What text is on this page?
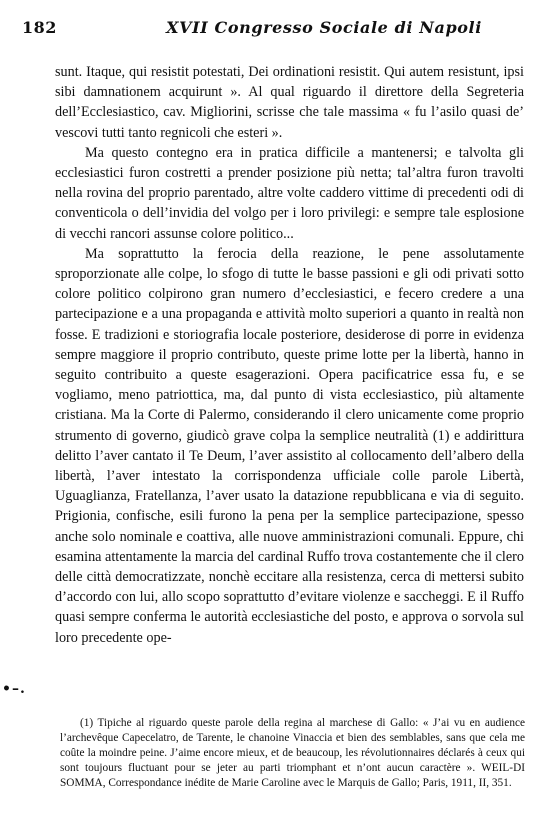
182	XVII Congresso Sociale di Napoli

sunt. Itaque, qui resistit potestati, Dei ordinationi resistit. Qui autem resistunt, ipsi sibi damnationem acquirunt ». Al qual riguardo il direttore della Segreteria dell’Ecclesiastico, cav. Migliorini, scrisse che tale massima « fu l’asilo quasi de’ vescovi tutti tanto regnicoli che esteri ».

Ma questo contegno era in pratica difficile a mantenersi; e talvolta gli ecclesiastici furon costretti a prender posizione più netta; tal’altra furon travolti nella rovina del proprio parentado, altre volte caddero vittime di precedenti odi di conventicola o dell’invidia del volgo per i loro privilegi: e sempre tale esplosione di vecchi rancori assunse colore politico...

Ma soprattutto la ferocia della reazione, le pene assolutamente sproporzionate alle colpe, lo sfogo di tutte le basse passioni e gli odi privati sotto colore politico colpirono gran numero d’ecclesiastici, e fecero credere a una partecipazione e a una propaganda e attività molto superiori a quanto in realtà non fosse. E tradizioni e storiografia locale posteriore, desiderose di porre in evidenza sempre maggiore il proprio contributo, queste prime lotte per la libertà, hanno in seguito contribuito a queste esagerazioni. Opera pacificatrice essa fu, e se vogliamo, meno patriottica, ma, dal punto di vista ecclesiastico, più altamente cristiana. Ma la Corte di Palermo, considerando il clero unicamente come proprio strumento di governo, giudicò grave colpa la semplice neutralità (1) e addirittura delitto l’aver cantato il Te Deum, l’aver assistito al collocamento dell’albero della libertà, l’aver intestato la corrispondenza ufficiale colle parole Libertà, Uguaglianza, Fratellanza, l’aver usato la datazione repubblicana e via di seguito. Prigionia, confische, esili furono la pena per la semplice partecipazione, spesso anche solo nominale e coattiva, alle nuove amministrazioni comunali. Eppure, chi esamina attentamente la marcia del cardinal Ruffo trova costantemente che il clero delle città democratizzate, nonchè eccitare alla resistenza, cerca di mettersi subito d’accordo con lui, allo scopo soprattutto d’evitare violenze e saccheggi. E il Ruffo quasi sempre conferma le autorità ecclesiastiche del posto, e approva o sorvola sul loro precedente ope-

•–.

(1) Tipiche al riguardo queste parole della regina al marchese di Gallo: « J’ai vu en audience l’archevêque Capecelatro, de Tarente, le chanoine Vinaccia et bien des semblables, sans que cela me coûte la moindre peine. J’aime encore mieux, et de beaucoup, les révolutionnaires déclarés à ceux qui sont toujours fluctuant pour se jeter au parti triomphant et n’ont aucun caractère ». WEIL-DI SOMMA, Correspondance inédite de Marie Caroline avec le Marquis de Gallo; Paris, 1911, II, 351.
